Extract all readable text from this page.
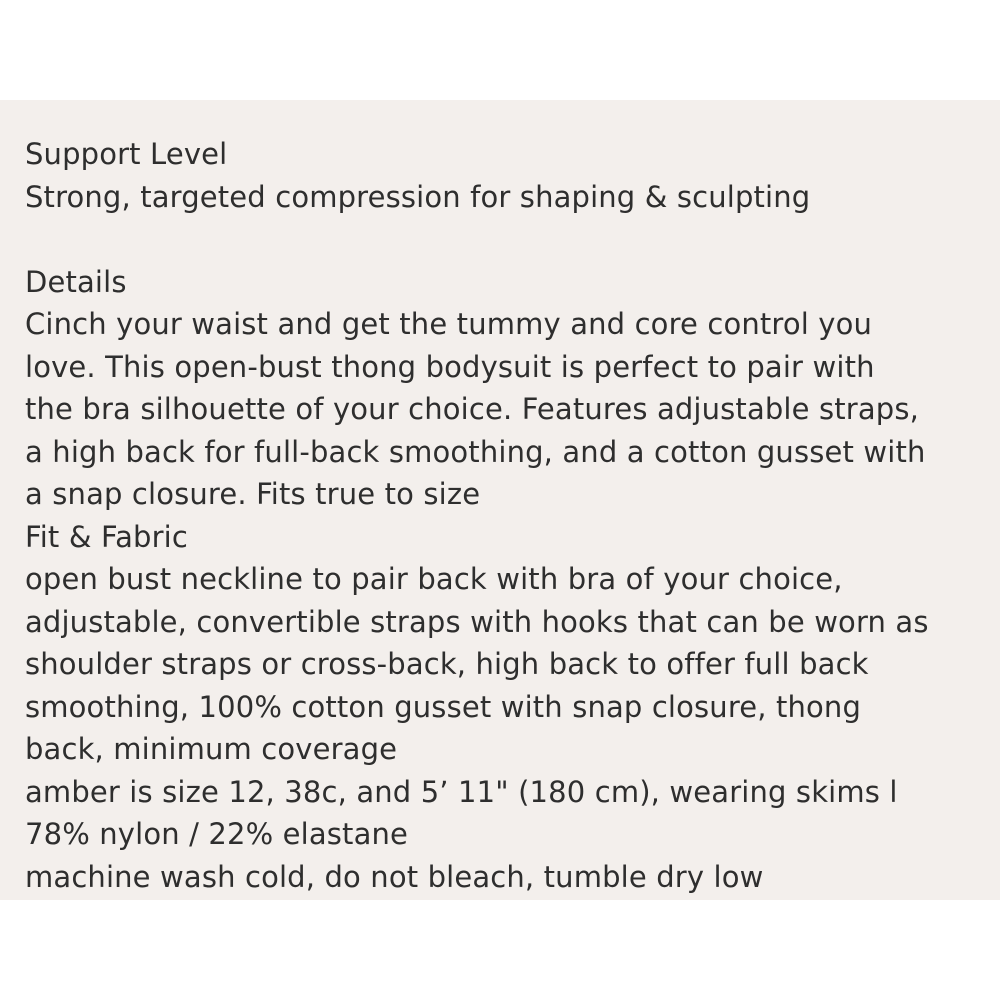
Support Level
Strong, targeted compression for shaping & sculpting
Details
Cinch your waist and get the tummy and core control you
love. This open-bust thong bodysuit is perfect to pair with
the bra silhouette of your choice. Features adjustable straps,
a high back for full-back smoothing, and a cotton gusset with
a snap closure. Fits true to size
Fit & Fabric
open bust neckline to pair back with bra of your choice,
adjustable, convertible straps with hooks that can be worn as
shoulder straps or cross-back, high back to offer full back
smoothing, 100% cotton gusset with snap closure, thong
back, minimum coverage
amber is size 12, 38c, and 5’ 11" (180 cm), wearing skims l
78% nylon / 22% elastane
machine wash cold, do not bleach, tumble dry low
